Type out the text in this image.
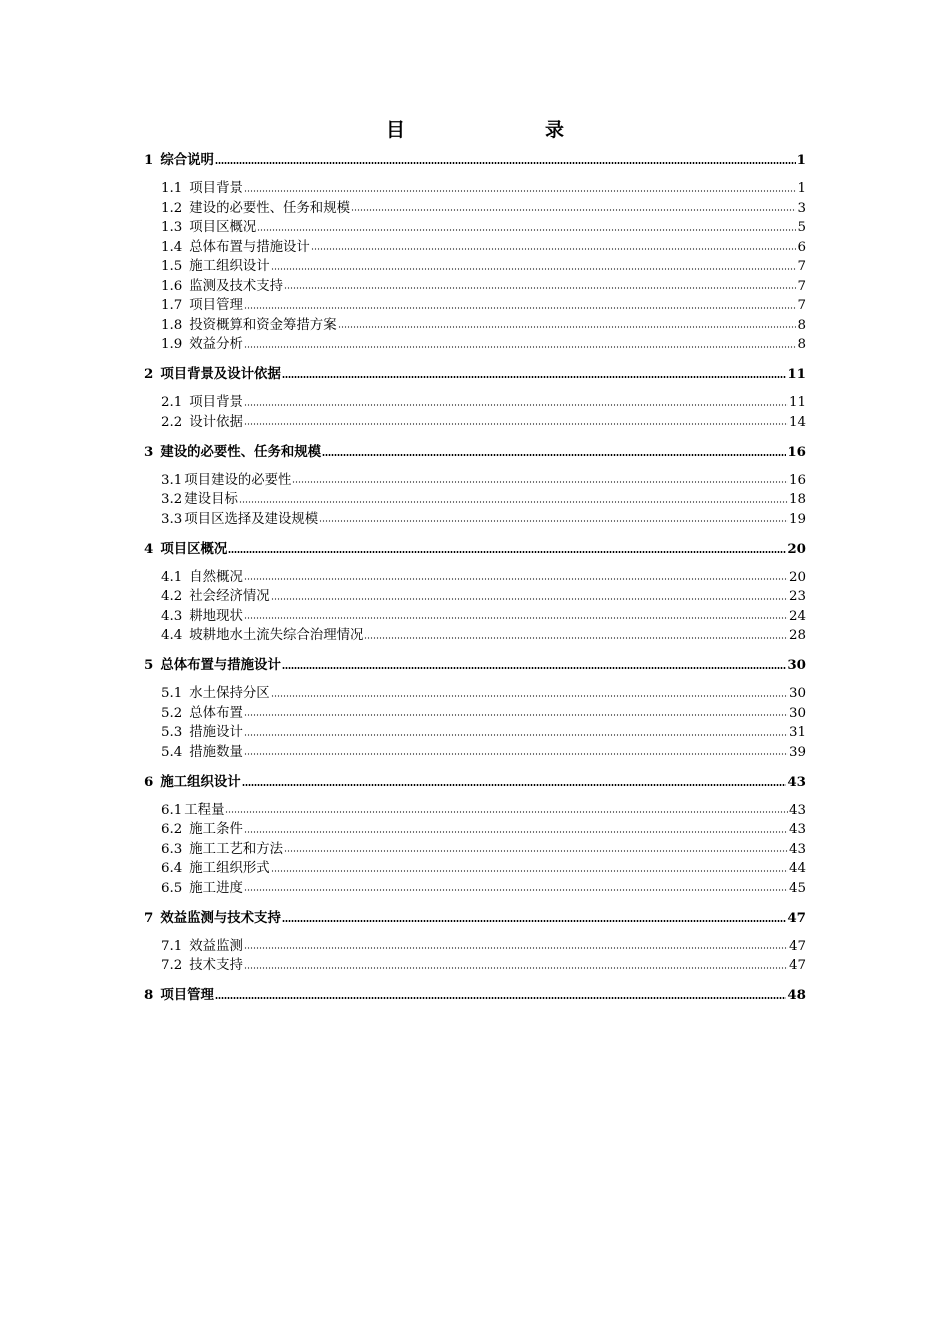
目　　录
1 综合说明	1
1.1 项目背景	1
1.2 建设的必要性、任务和规模	3
1.3 项目区概况	5
1.4 总体布置与措施设计	6
1.5 施工组织设计	7
1.6 监测及技术支持	7
1.7 项目管理	7
1.8 投资概算和资金筹措方案	8
1.9 效益分析	8
2 项目背景及设计依据	11
2.1 项目背景	11
2.2 设计依据	14
3 建设的必要性、任务和规模	16
3.1 项目建设的必要性	16
3.2 建设目标	18
3.3 项目区选择及建设规模	19
4 项目区概况	20
4.1 自然概况	20
4.2 社会经济情况	23
4.3 耕地现状	24
4.4 坡耕地水土流失综合治理情况	28
5 总体布置与措施设计	30
5.1 水土保持分区	30
5.2 总体布置	30
5.3 措施设计	31
5.4 措施数量	39
6 施工组织设计	43
6.1 工程量	43
6.2 施工条件	43
6.3 施工工艺和方法	43
6.4 施工组织形式	44
6.5 施工进度	45
7 效益监测与技术支持	47
7.1 效益监测	47
7.2 技术支持	47
8 项目管理	48
